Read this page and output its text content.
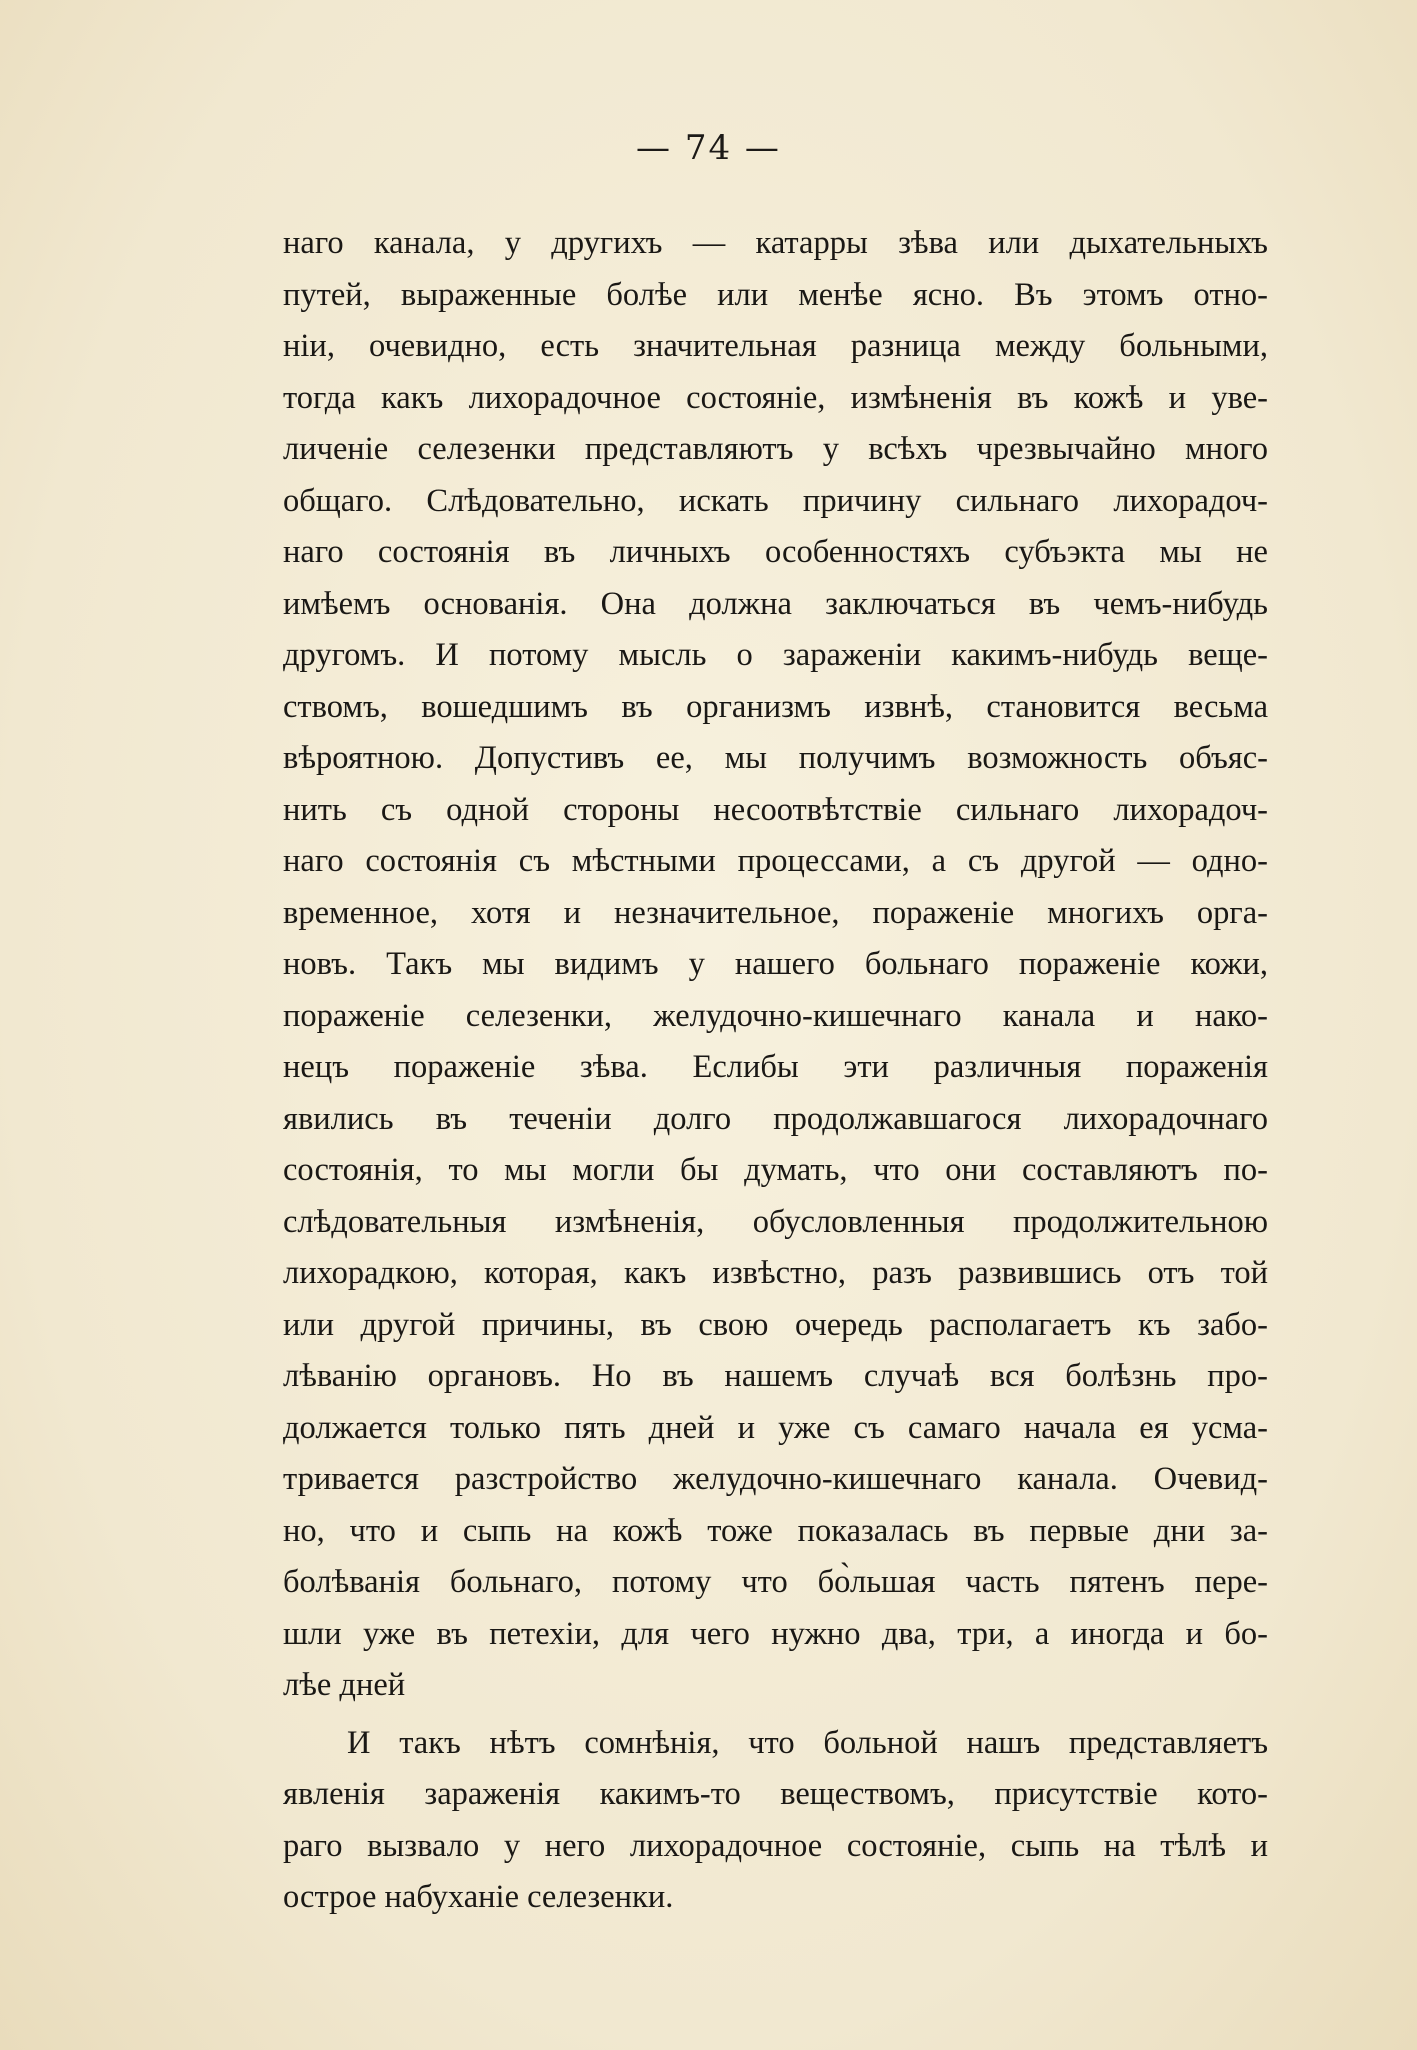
— 74 —
наго канала, у другихъ — катарры зѣва или дыхательныхъ
путей, выраженные болѣе или менѣе ясно. Въ этомъ отно-
ніи, очевидно, есть значительная разница между больными,
тогда какъ лихорадочное состояніе, измѣненія въ кожѣ и уве-
личеніе селезенки представляютъ у всѣхъ чрезвычайно много
общаго. Слѣдовательно, искать причину сильнаго лихорадоч-
наго состоянія въ личныхъ особенностяхъ субъэкта мы не
имѣемъ основанія. Она должна заключаться въ чемъ-нибудь
другомъ. И потому мысль о зараженіи какимъ-нибудь веще-
ствомъ, вошедшимъ въ организмъ извнѣ, становится весьма
вѣроятною. Допустивъ ее, мы получимъ возможность объяс-
нить съ одной стороны несоотвѣтствіе сильнаго лихорадоч-
наго состоянія съ мѣстными процессами, а съ другой — одно-
временное, хотя и незначительное, пораженіе многихъ орга-
новъ. Такъ мы видимъ у нашего больнаго пораженіе кожи,
пораженіе селезенки, желудочно-кишечнаго канала и нако-
нецъ пораженіе зѣва. Еслибы эти различныя пораженія
явились въ теченіи долго продолжавшагося лихорадочнаго
состоянія, то мы могли бы думать, что они составляютъ по-
слѣдовательныя измѣненія, обусловленныя продолжительною
лихорадкою, которая, какъ извѣстно, разъ развившись отъ той
или другой причины, въ свою очередь располагаетъ къ забо-
лѣванію органовъ. Но въ нашемъ случаѣ вся болѣзнь про-
должается только пять дней и уже съ самаго начала ея усма-
тривается разстройство желудочно-кишечнаго канала. Очевид-
но, что и сыпь на кожѣ тоже показалась въ первые дни за-
болѣванія больнаго, потому что бо̀льшая часть пятенъ пере-
шли уже въ петехіи, для чего нужно два, три, а иногда и бо-
лѣе дней
И такъ нѣтъ сомнѣнія, что больной нашъ представляетъ
явленія зараженія какимъ-то веществомъ, присутствіе кото-
раго вызвало у него лихорадочное состояніе, сыпь на тѣлѣ и
острое набуханіе селезенки.
